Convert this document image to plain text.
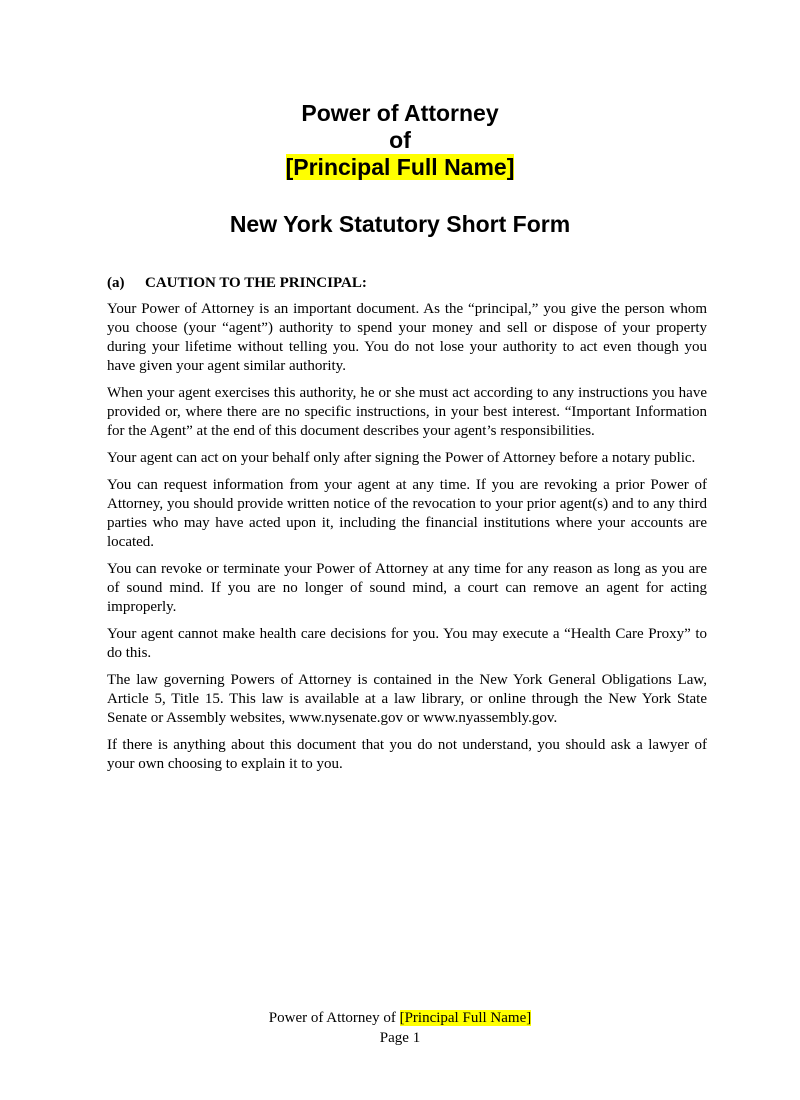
Power of Attorney
of
[Principal Full Name]
New York Statutory Short Form
(a)	CAUTION TO THE PRINCIPAL:

Your Power of Attorney is an important document. As the “principal,” you give the person whom you choose (your “agent”) authority to spend your money and sell or dispose of your property during your lifetime without telling you. You do not lose your authority to act even though you have given your agent similar authority.

When your agent exercises this authority, he or she must act according to any instructions you have provided or, where there are no specific instructions, in your best interest. “Important Information for the Agent” at the end of this document describes your agent’s responsibilities.

Your agent can act on your behalf only after signing the Power of Attorney before a notary public.

You can request information from your agent at any time. If you are revoking a prior Power of Attorney, you should provide written notice of the revocation to your prior agent(s) and to any third parties who may have acted upon it, including the financial institutions where your accounts are located.

You can revoke or terminate your Power of Attorney at any time for any reason as long as you are of sound mind. If you are no longer of sound mind, a court can remove an agent for acting improperly.

Your agent cannot make health care decisions for you. You may execute a “Health Care Proxy” to do this.

The law governing Powers of Attorney is contained in the New York General Obligations Law, Article 5, Title 15. This law is available at a law library, or online through the New York State Senate or Assembly websites, www.nysenate.gov or www.nyassembly.gov.

If there is anything about this document that you do not understand, you should ask a lawyer of your own choosing to explain it to you.

Power of Attorney of [Principal Full Name]
Page 1
